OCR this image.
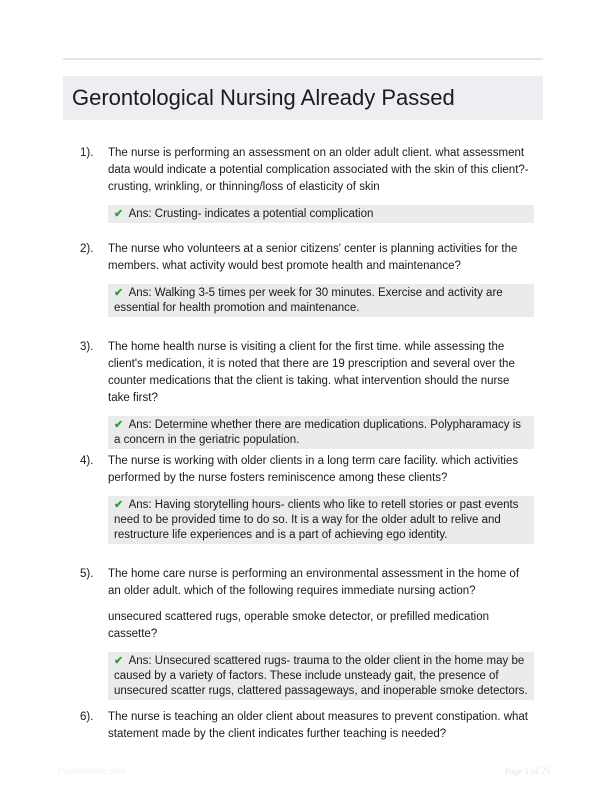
Gerontological Nursing Already Passed
1). The nurse is performing an assessment on an older adult client. what assessment data would indicate a potential complication associated with the skin of this client?- crusting, wrinkling, or thinning/loss of elasticity of skin
✔ Ans: Crusting- indicates a potential complication
2). The nurse who volunteers at a senior citizens' center is planning activities for the members. what activity would best promote health and maintenance?
✔ Ans: Walking 3-5 times per week for 30 minutes. Exercise and activity are essential for health promotion and maintenance.
3). The home health nurse is visiting a client for the first time. while assessing the client's medication, it is noted that there are 19 prescription and several over the counter medications that the client is taking. what intervention should the nurse take first?
✔ Ans: Determine whether there are medication duplications. Polypharamacy is a concern in the geriatric population.
4). The nurse is working with older clients in a long term care facility. which activities performed by the nurse fosters reminiscence among these clients?
✔ Ans: Having storytelling hours- clients who like to retell stories or past events need to be provided time to do so. It is a way for the older adult to relive and restructure life experiences and is a part of achieving ego identity.
5). The home care nurse is performing an environmental assessment in the home of an older adult. which of the following requires immediate nursing action?
unsecured scattered rugs, operable smoke detector, or prefilled medication cassette?
✔ Ans: Unsecured scattered rugs- trauma to the older client in the home may be caused by a variety of factors. These include unsteady gait, the presence of unsecured scatter rugs, clattered passageways, and inoperable smoke detectors.
6). The nurse is teaching an older client about measures to prevent constipation. what statement made by the client indicates further teaching is needed?
PaperMedic.com	Page 1 of 25
